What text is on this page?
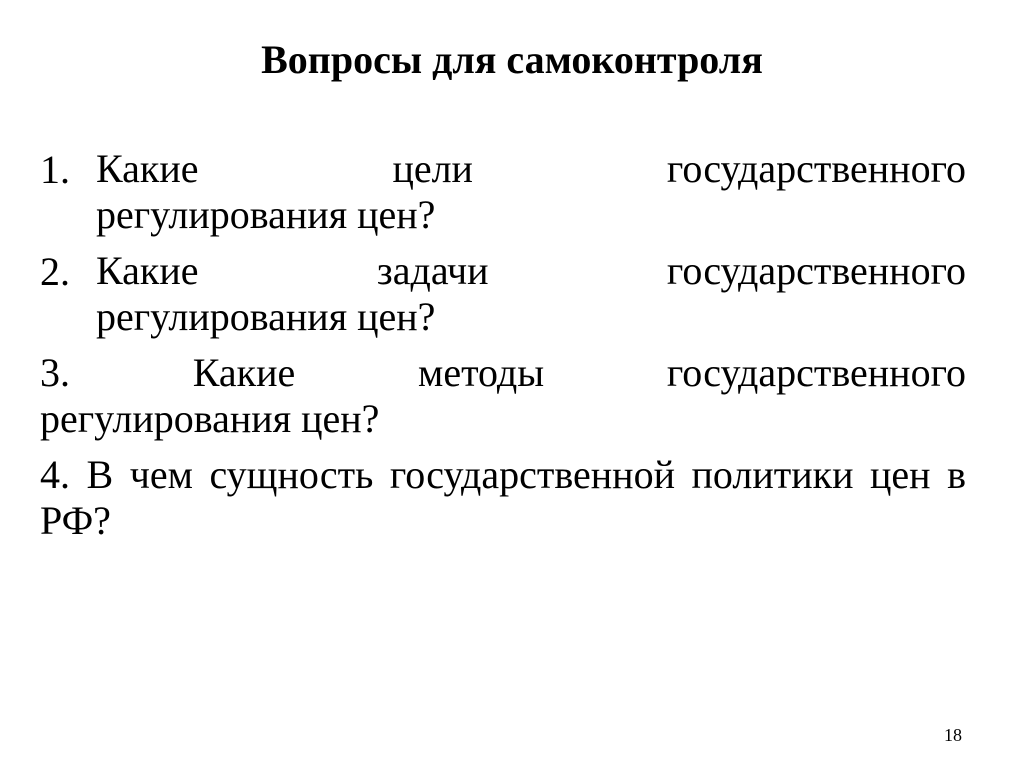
Вопросы для самоконтроля
1. Какие	цели	государственного
регулирования цен?
2. Какие	задачи	государственного
регулирования цен?
3.	Какие	методы	государственного
регулирования цен?
4. В чем сущность государственной политики цен в РФ?
18
